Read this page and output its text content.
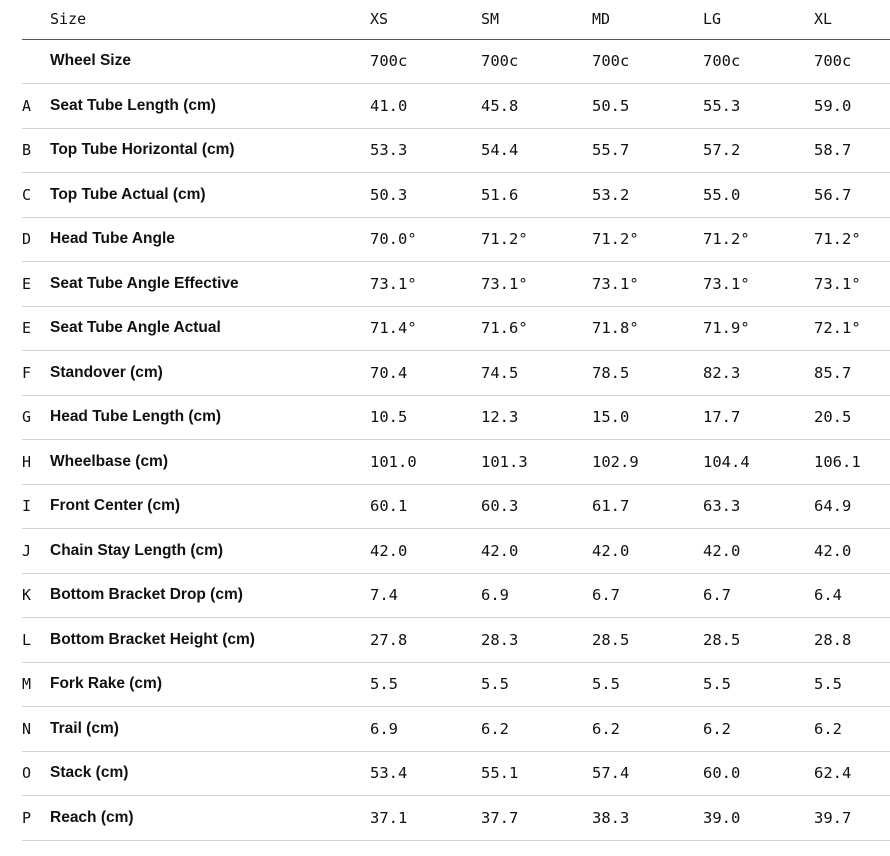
	Size	XS	SM	MD	LG	XL
	Wheel Size	700c	700c	700c	700c	700c
A	Seat Tube Length (cm)	41.0	45.8	50.5	55.3	59.0
B	Top Tube Horizontal (cm)	53.3	54.4	55.7	57.2	58.7
C	Top Tube Actual (cm)	50.3	51.6	53.2	55.0	56.7
D	Head Tube Angle	70.0°	71.2°	71.2°	71.2°	71.2°
E	Seat Tube Angle Effective	73.1°	73.1°	73.1°	73.1°	73.1°
E	Seat Tube Angle Actual	71.4°	71.6°	71.8°	71.9°	72.1°
F	Standover (cm)	70.4	74.5	78.5	82.3	85.7
G	Head Tube Length (cm)	10.5	12.3	15.0	17.7	20.5
H	Wheelbase (cm)	101.0	101.3	102.9	104.4	106.1
I	Front Center (cm)	60.1	60.3	61.7	63.3	64.9
J	Chain Stay Length (cm)	42.0	42.0	42.0	42.0	42.0
K	Bottom Bracket Drop (cm)	7.4	6.9	6.7	6.7	6.4
L	Bottom Bracket Height (cm)	27.8	28.3	28.5	28.5	28.8
M	Fork Rake (cm)	5.5	5.5	5.5	5.5	5.5
N	Trail (cm)	6.9	6.2	6.2	6.2	6.2
O	Stack (cm)	53.4	55.1	57.4	60.0	62.4
P	Reach (cm)	37.1	37.7	38.3	39.0	39.7
